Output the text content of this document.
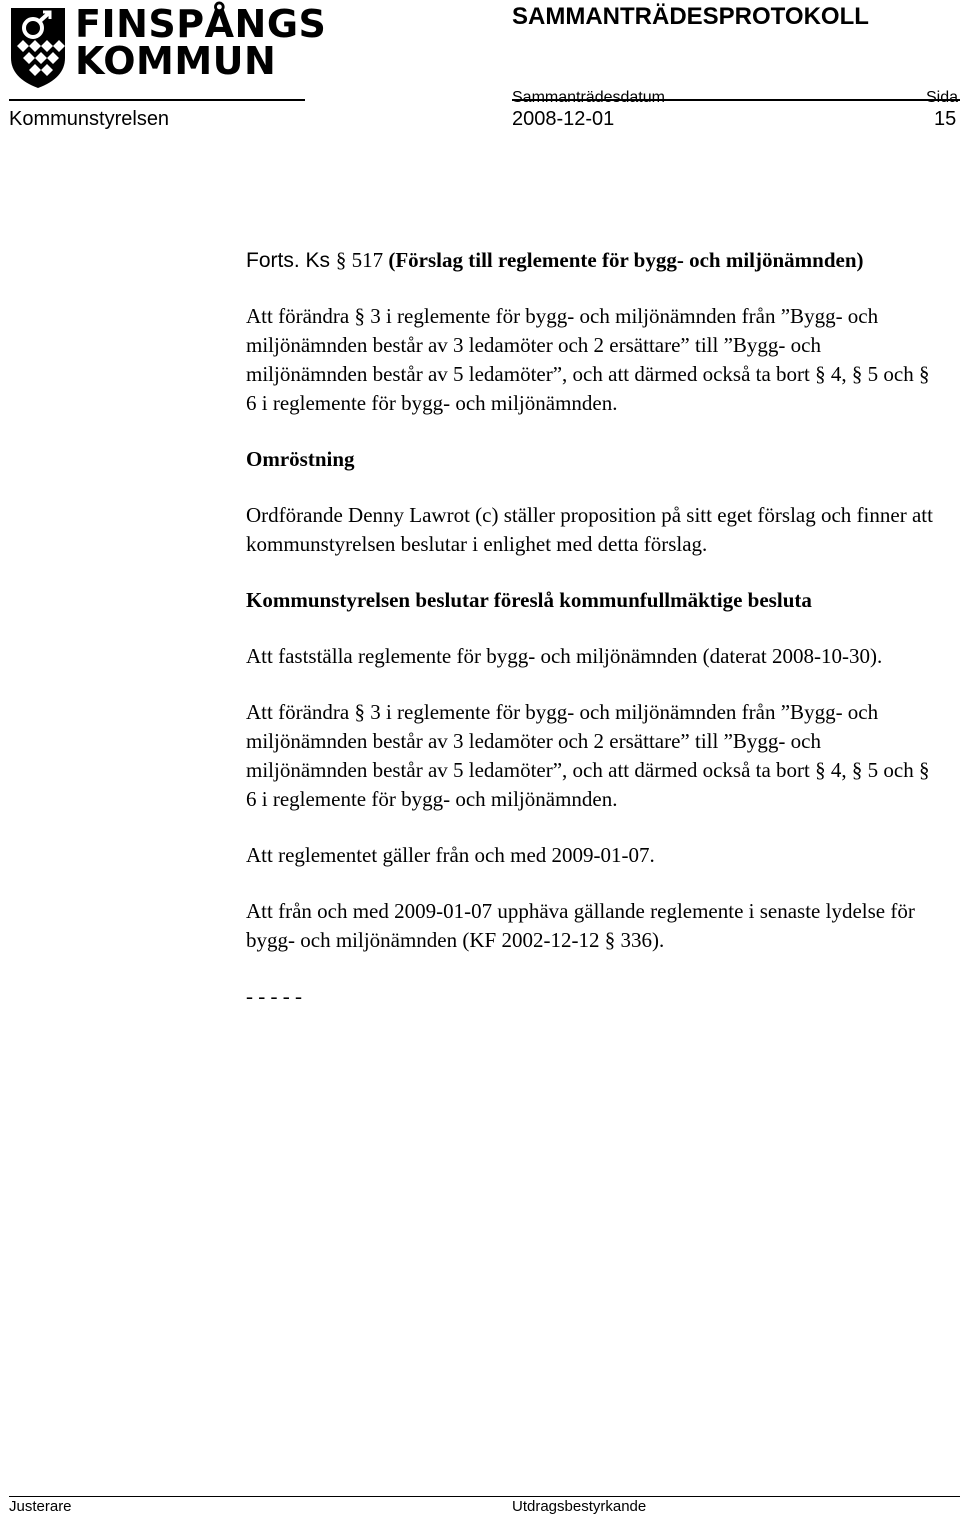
FINSPÅNGS
KOMMUN
SAMMANTRÄDESPROTOKOLL
Sammanträdesdatum	Sida
Kommunstyrelsen	2008-12-01	15

Forts. Ks § 517 (Förslag till reglemente för bygg- och miljönämnden)

Att förändra § 3 i reglemente för bygg- och miljönämnden från ”Bygg- och miljönämnden består av 3 ledamöter och 2 ersättare” till ”Bygg- och miljönämnden består av 5 ledamöter”, och att därmed också ta bort § 4, § 5 och § 6 i reglemente för bygg- och miljönämnden.

Omröstning

Ordförande Denny Lawrot (c) ställer proposition på sitt eget förslag och finner att kommunstyrelsen beslutar i enlighet med detta förslag.

Kommunstyrelsen beslutar föreslå kommunfullmäktige besluta

Att fastställa reglemente för bygg- och miljönämnden (daterat 2008-10-30).

Att förändra § 3 i reglemente för bygg- och miljönämnden från ”Bygg- och miljönämnden består av 3 ledamöter och 2 ersättare” till ”Bygg- och miljönämnden består av 5 ledamöter”, och att därmed också ta bort § 4, § 5 och § 6 i reglemente för bygg- och miljönämnden.

Att reglementet gäller från och med 2009-01-07.

Att från och med 2009-01-07 upphäva gällande reglemente i senaste lydelse för bygg- och miljönämnden (KF 2002-12-12 § 336).

- - - - -

Justerare	Utdragsbestyrkande
